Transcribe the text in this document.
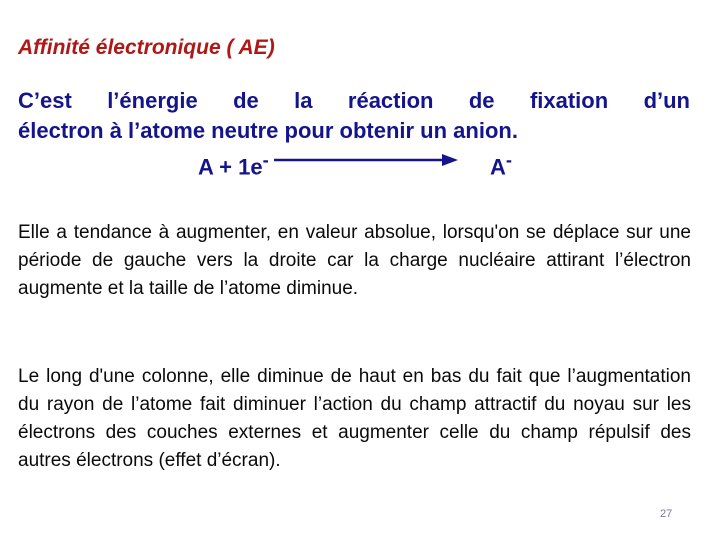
Affinité électronique ( AE)
C’est l’énergie de la réaction de fixation d’un
électron à l’atome neutre pour obtenir un anion.
A + 1e-	A-

Elle a tendance à augmenter, en valeur absolue, lorsqu'on se déplace sur une période de gauche vers la droite car la charge nucléaire attirant l’électron augmente et la taille de l’atome diminue.

Le long d'une colonne, elle diminue de haut en bas du fait que l’augmentation du rayon de l’atome fait diminuer l’action du champ attractif du noyau sur les électrons des couches externes et augmenter celle du champ répulsif des autres électrons (effet d’écran).

27
